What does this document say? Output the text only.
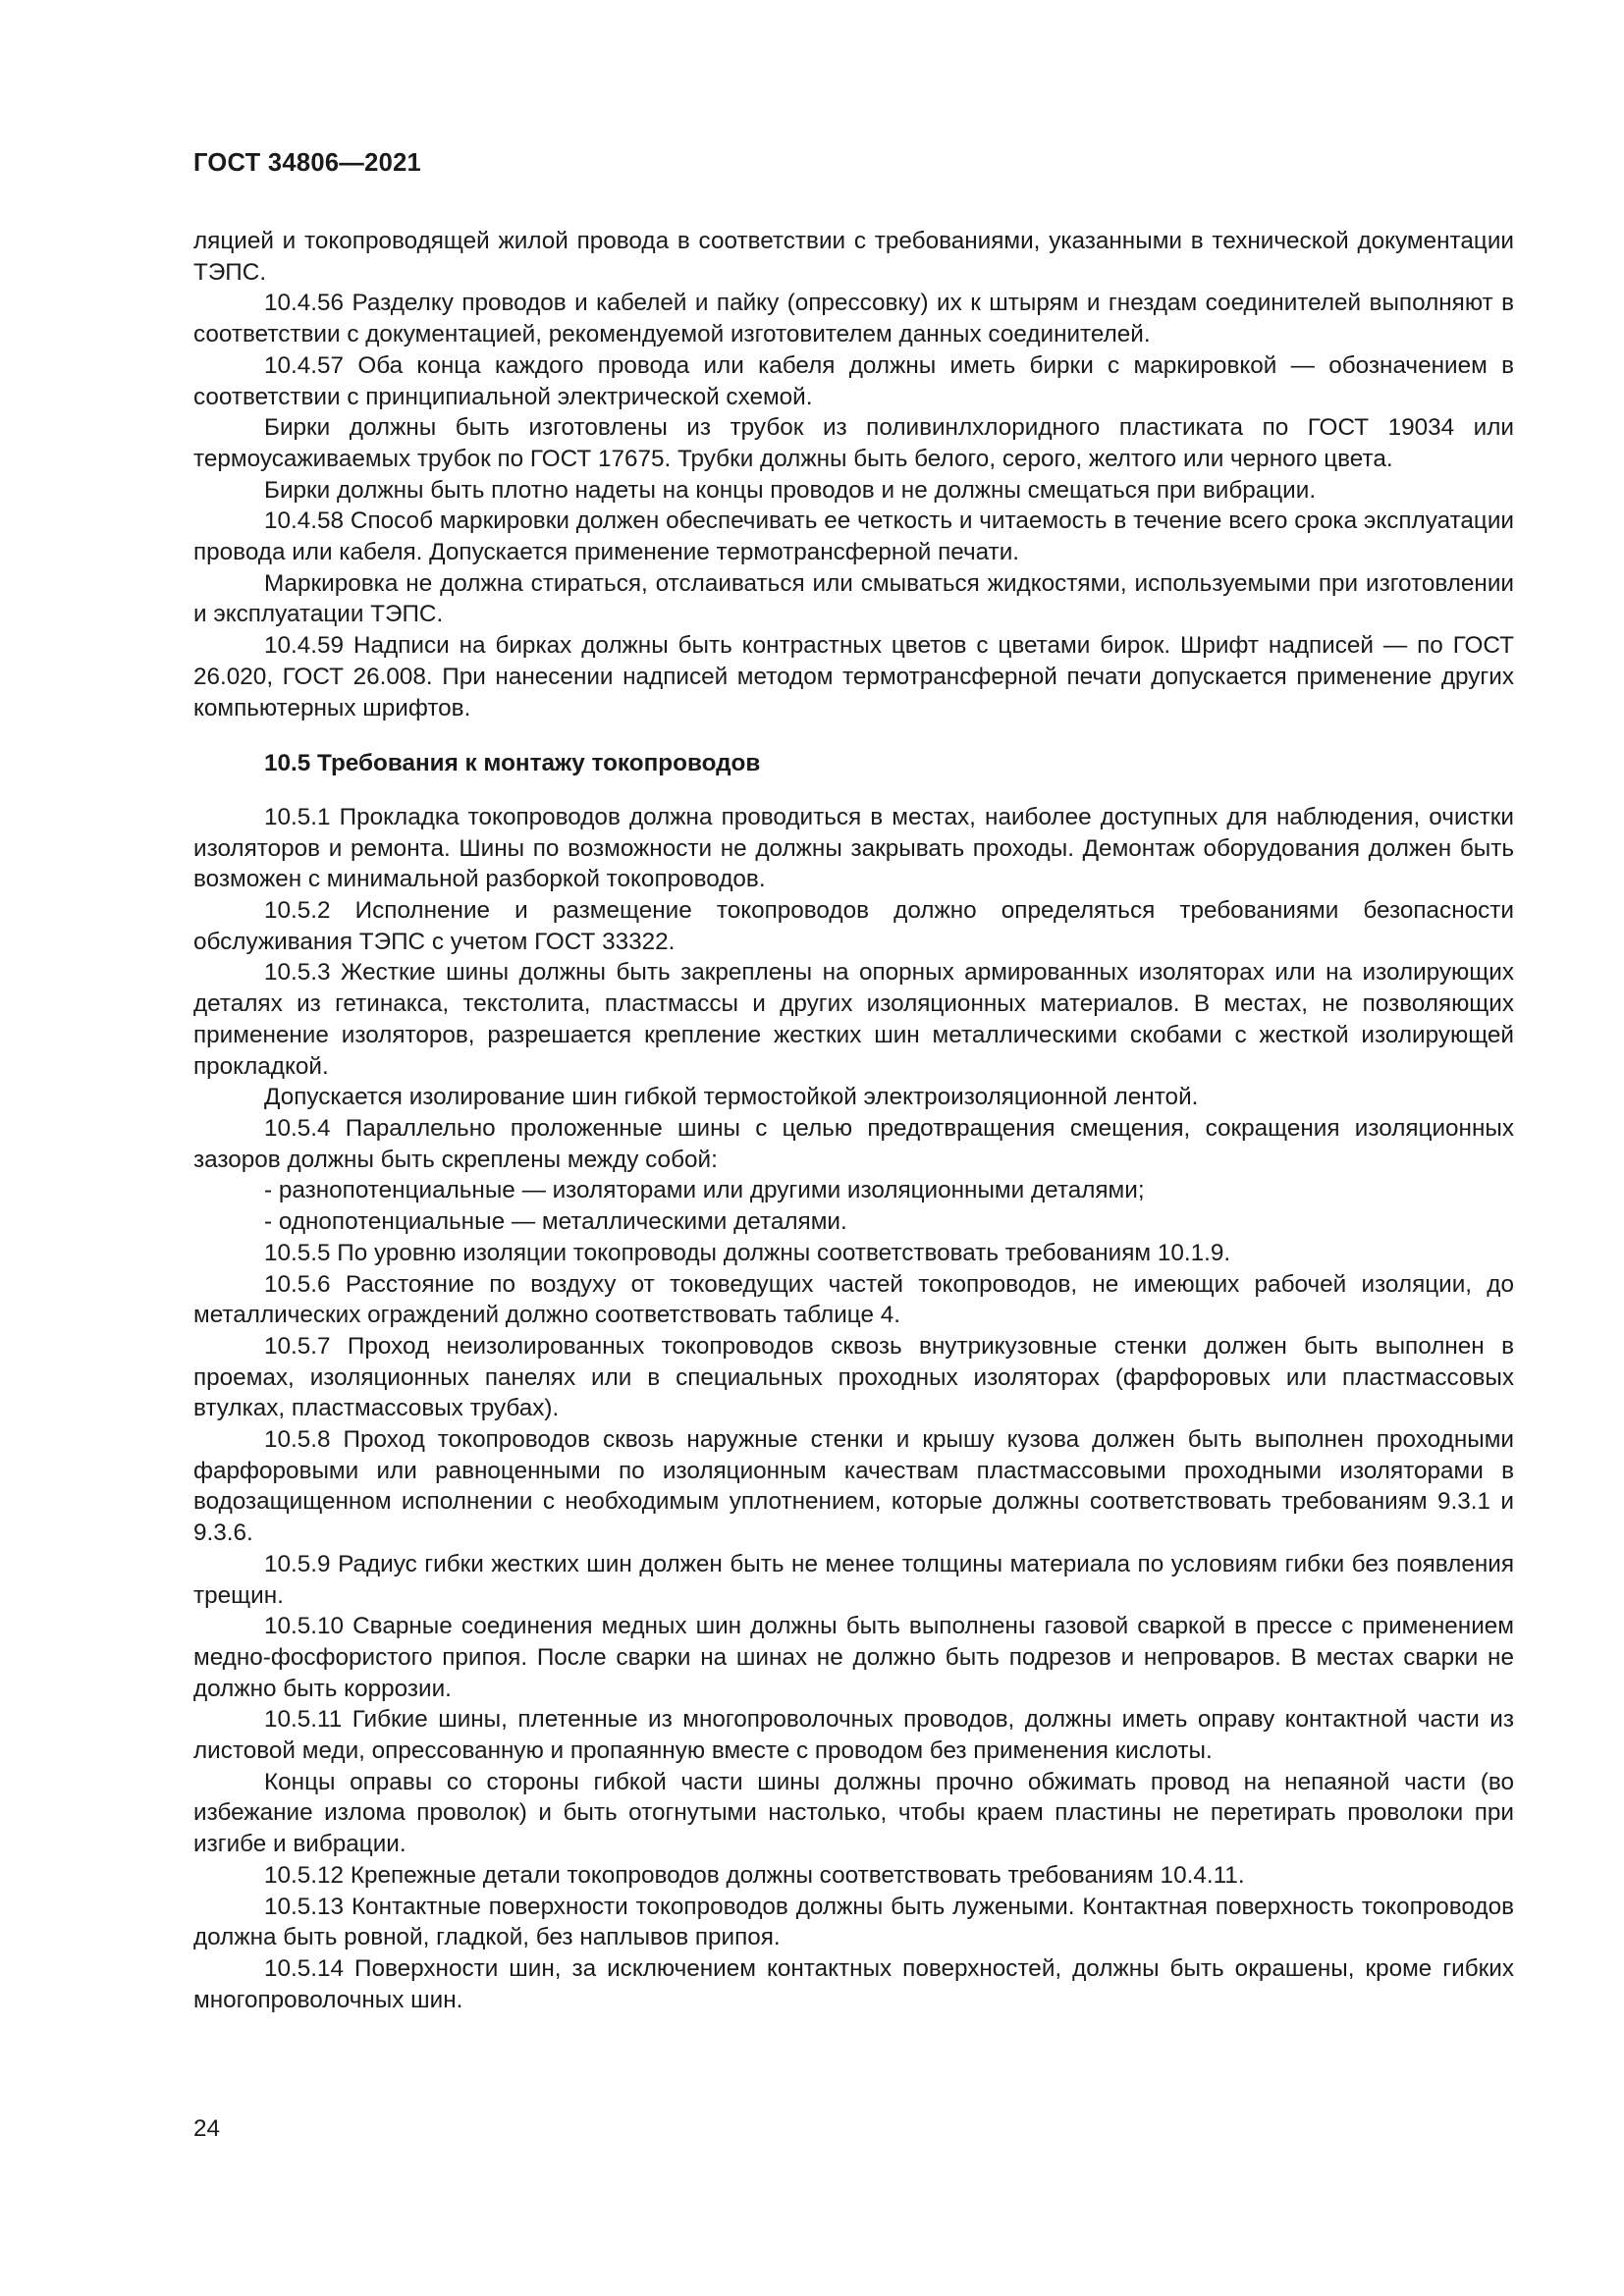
ГОСТ 34806—2021

ляцией и токопроводящей жилой провода в соответствии с требованиями, указанными в технической документации ТЭПС.

10.4.56 Разделку проводов и кабелей и пайку (опрессовку) их к штырям и гнездам соединителей выполняют в соответствии с документацией, рекомендуемой изготовителем данных соединителей.

10.4.57 Оба конца каждого провода или кабеля должны иметь бирки с маркировкой — обозначением в соответствии с принципиальной электрической схемой.

Бирки должны быть изготовлены из трубок из поливинлхлоридного пластиката по ГОСТ 19034 или термоусаживаемых трубок по ГОСТ 17675. Трубки должны быть белого, серого, желтого или черного цвета.

Бирки должны быть плотно надеты на концы проводов и не должны смещаться при вибрации.

10.4.58 Способ маркировки должен обеспечивать ее четкость и читаемость в течение всего срока эксплуатации провода или кабеля. Допускается применение термотрансферной печати.

Маркировка не должна стираться, отслаиваться или смываться жидкостями, используемыми при изготовлении и эксплуатации ТЭПС.

10.4.59 Надписи на бирках должны быть контрастных цветов с цветами бирок. Шрифт надписей — по ГОСТ 26.020, ГОСТ 26.008. При нанесении надписей методом термотрансферной печати допускается применение других компьютерных шрифтов.

10.5 Требования к монтажу токопроводов

10.5.1 Прокладка токопроводов должна проводиться в местах, наиболее доступных для наблюдения, очистки изоляторов и ремонта. Шины по возможности не должны закрывать проходы. Демонтаж оборудования должен быть возможен с минимальной разборкой токопроводов.

10.5.2 Исполнение и размещение токопроводов должно определяться требованиями безопасности обслуживания ТЭПС с учетом ГОСТ 33322.

10.5.3 Жесткие шины должны быть закреплены на опорных армированных изоляторах или на изолирующих деталях из гетинакса, текстолита, пластмассы и других изоляционных материалов. В местах, не позволяющих применение изоляторов, разрешается крепление жестких шин металлическими скобами с жесткой изолирующей прокладкой.

Допускается изолирование шин гибкой термостойкой электроизоляционной лентой.

10.5.4 Параллельно проложенные шины с целью предотвращения смещения, сокращения изоляционных зазоров должны быть скреплены между собой:

- разнопотенциальные — изоляторами или другими изоляционными деталями;

- однопотенциальные — металлическими деталями.

10.5.5 По уровню изоляции токопроводы должны соответствовать требованиям 10.1.9.

10.5.6 Расстояние по воздуху от токоведущих частей токопроводов, не имеющих рабочей изоляции, до металлических ограждений должно соответствовать таблице 4.

10.5.7 Проход неизолированных токопроводов сквозь внутрикузовные стенки должен быть выполнен в проемах, изоляционных панелях или в специальных проходных изоляторах (фарфоровых или пластмассовых втулках, пластмассовых трубах).

10.5.8 Проход токопроводов сквозь наружные стенки и крышу кузова должен быть выполнен проходными фарфоровыми или равноценными по изоляционным качествам пластмассовыми проходными изоляторами в водозащищенном исполнении с необходимым уплотнением, которые должны соответствовать требованиям 9.3.1 и 9.3.6.

10.5.9 Радиус гибки жестких шин должен быть не менее толщины материала по условиям гибки без появления трещин.

10.5.10 Сварные соединения медных шин должны быть выполнены газовой сваркой в прессе с применением медно-фосфористого припоя. После сварки на шинах не должно быть подрезов и непроваров. В местах сварки не должно быть коррозии.

10.5.11 Гибкие шины, плетенные из многопроволочных проводов, должны иметь оправу контактной части из листовой меди, опрессованную и пропаянную вместе с проводом без применения кислоты.

Концы оправы со стороны гибкой части шины должны прочно обжимать провод на непаяной части (во избежание излома проволок) и быть отогнутыми настолько, чтобы краем пластины не перетирать проволоки при изгибе и вибрации.

10.5.12 Крепежные детали токопроводов должны соответствовать требованиям 10.4.11.

10.5.13 Контактные поверхности токопроводов должны быть лужеными. Контактная поверхность токопроводов должна быть ровной, гладкой, без наплывов припоя.

10.5.14 Поверхности шин, за исключением контактных поверхностей, должны быть окрашены, кроме гибких многопроволочных шин.

24
